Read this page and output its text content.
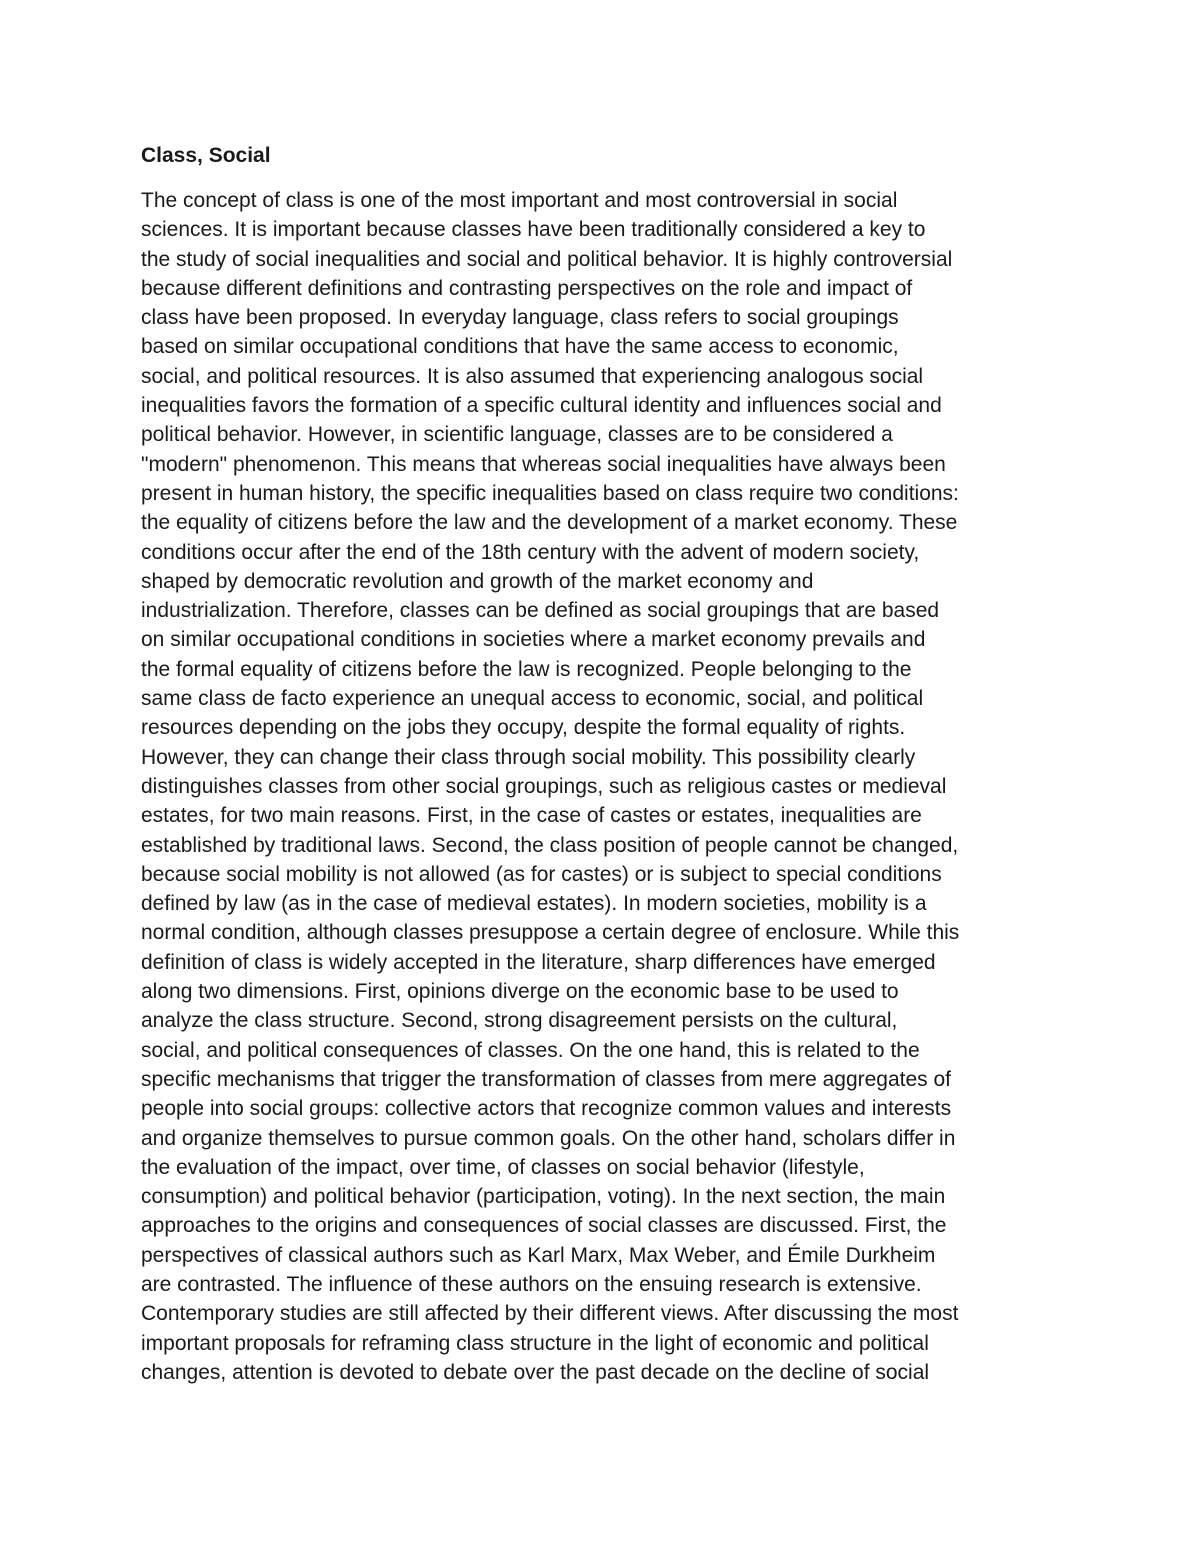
Class, Social

The concept of class is one of the most important and most controversial in social

sciences. It is important because classes have been traditionally considered a key to

the study of social inequalities and social and political behavior. It is highly controversial

because different definitions and contrasting perspectives on the role and impact of

class have been proposed. In everyday language, class refers to social groupings

based on similar occupational conditions that have the same access to economic,

social, and political resources. It is also assumed that experiencing analogous social

inequalities favors the formation of a specific cultural identity and influences social and

political behavior. However, in scientific language, classes are to be considered a

"modern" phenomenon. This means that whereas social inequalities have always been

present in human history, the specific inequalities based on class require two conditions:

the equality of citizens before the law and the development of a market economy. These

conditions occur after the end of the 18th century with the advent of modern society,

shaped by democratic revolution and growth of the market economy and

industrialization. Therefore, classes can be defined as social groupings that are based

on similar occupational conditions in societies where a market economy prevails and

the formal equality of citizens before the law is recognized. People belonging to the

same class de facto experience an unequal access to economic, social, and political

resources depending on the jobs they occupy, despite the formal equality of rights.

However, they can change their class through social mobility. This possibility clearly

distinguishes classes from other social groupings, such as religious castes or medieval

estates, for two main reasons. First, in the case of castes or estates, inequalities are

established by traditional laws. Second, the class position of people cannot be changed,

because social mobility is not allowed (as for castes) or is subject to special conditions

defined by law (as in the case of medieval estates). In modern societies, mobility is a

normal condition, although classes presuppose a certain degree of enclosure. While this

definition of class is widely accepted in the literature, sharp differences have emerged

along two dimensions. First, opinions diverge on the economic base to be used to

analyze the class structure. Second, strong disagreement persists on the cultural,

social, and political consequences of classes. On the one hand, this is related to the

specific mechanisms that trigger the transformation of classes from mere aggregates of

people into social groups: collective actors that recognize common values and interests

and organize themselves to pursue common goals. On the other hand, scholars differ in

the evaluation of the impact, over time, of classes on social behavior (lifestyle,

consumption) and political behavior (participation, voting). In the next section, the main

approaches to the origins and consequences of social classes are discussed. First, the

perspectives of classical authors such as Karl Marx, Max Weber, and Émile Durkheim

are contrasted. The influence of these authors on the ensuing research is extensive.

Contemporary studies are still affected by their different views. After discussing the most

important proposals for reframing class structure in the light of economic and political

changes, attention is devoted to debate over the past decade on the decline of social
